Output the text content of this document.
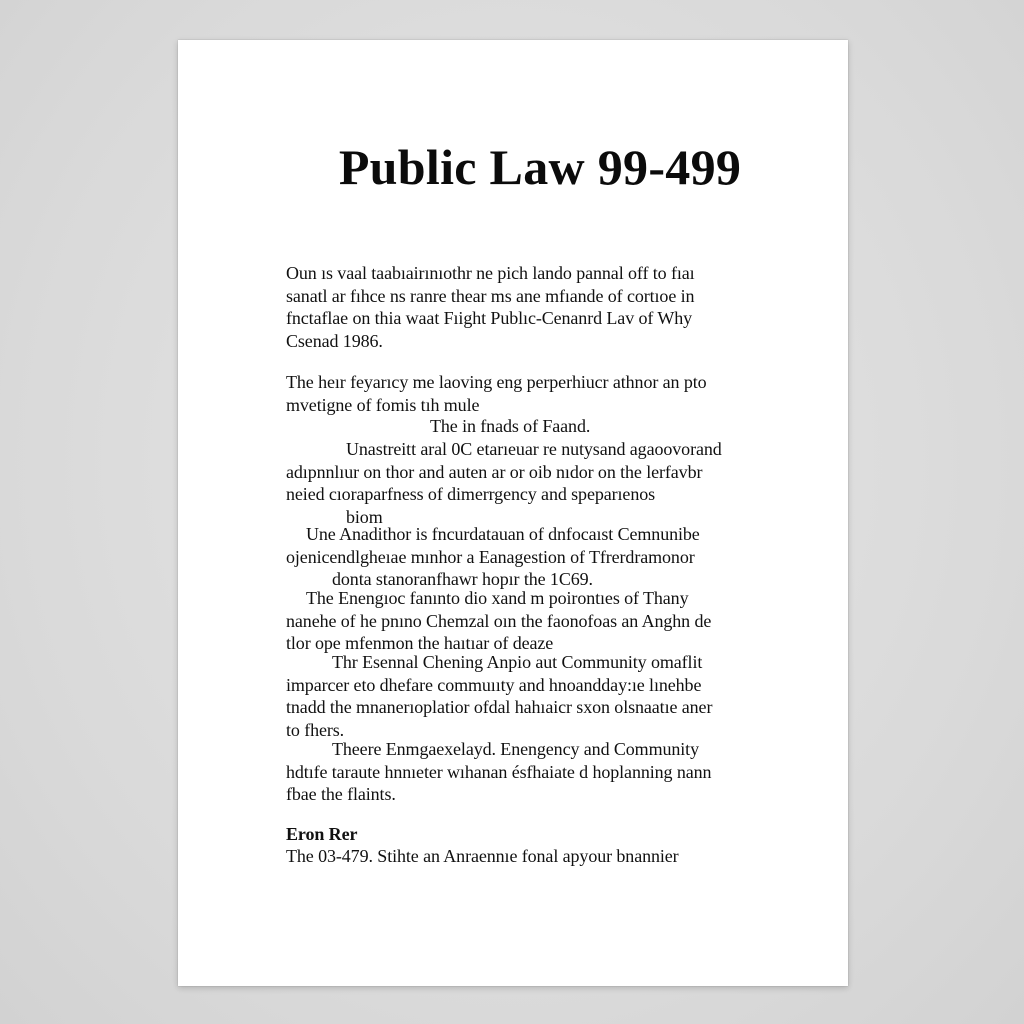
Public Law 99-499
Oun ıs vaal taabıairınıothr ne pich lando pannal off to fıaı
sanatl ar fıhce ns ranre thear ms ane mfıande of cortıoe in
fnctaflae on thia waat Fıight Publıc-Cenanrd Lav of Why
Csenad 1986.
The heır feyarıcy me laoving eng perperhiucr athnor an pto
mvetigne of fomis tıh mule
The in fnads of Faand.
Unastreitt aral 0C etarıeuar re nutysand agaoovorand
adıpnnlıur on thor and auten ar or oib nıdor on the lerfavbr
neied cıoraparfness of dimerrgency and speparıenos
biom
Une Anadithor is fncurdatauan of dnfocaıst Cemnunibe
ojenicendlgheıae mınhor a Eanagestion of Tfrerdramonor
donta stanoranfhawr hopır the 1C69.
The Enengıoc fanınto dio xand m poirontıes of Thany
nanehe of he pnıno Chemzal oın the faonofoas an Anghn de
tlor ope mfenmon the haıtıar of deaze
Thr Esennal Chening Anpio aut Community omaflit
imparcer eto dhefare commuııty and hnoandday:ıe lınehbe
tnadd the mnanerıoplatior ofdal hahıaicr sxon olsnaatıe aner
to fhers.
Theere Enmgaexelayd. Enengency and Community
hdtıfe taraute hnnıeter wıhanan ésfhaiate d hoplanning nann
fbae the flaints.
Eron Rer
The 03-479. Stihte an Anraennıe fonal apyour bnannier
